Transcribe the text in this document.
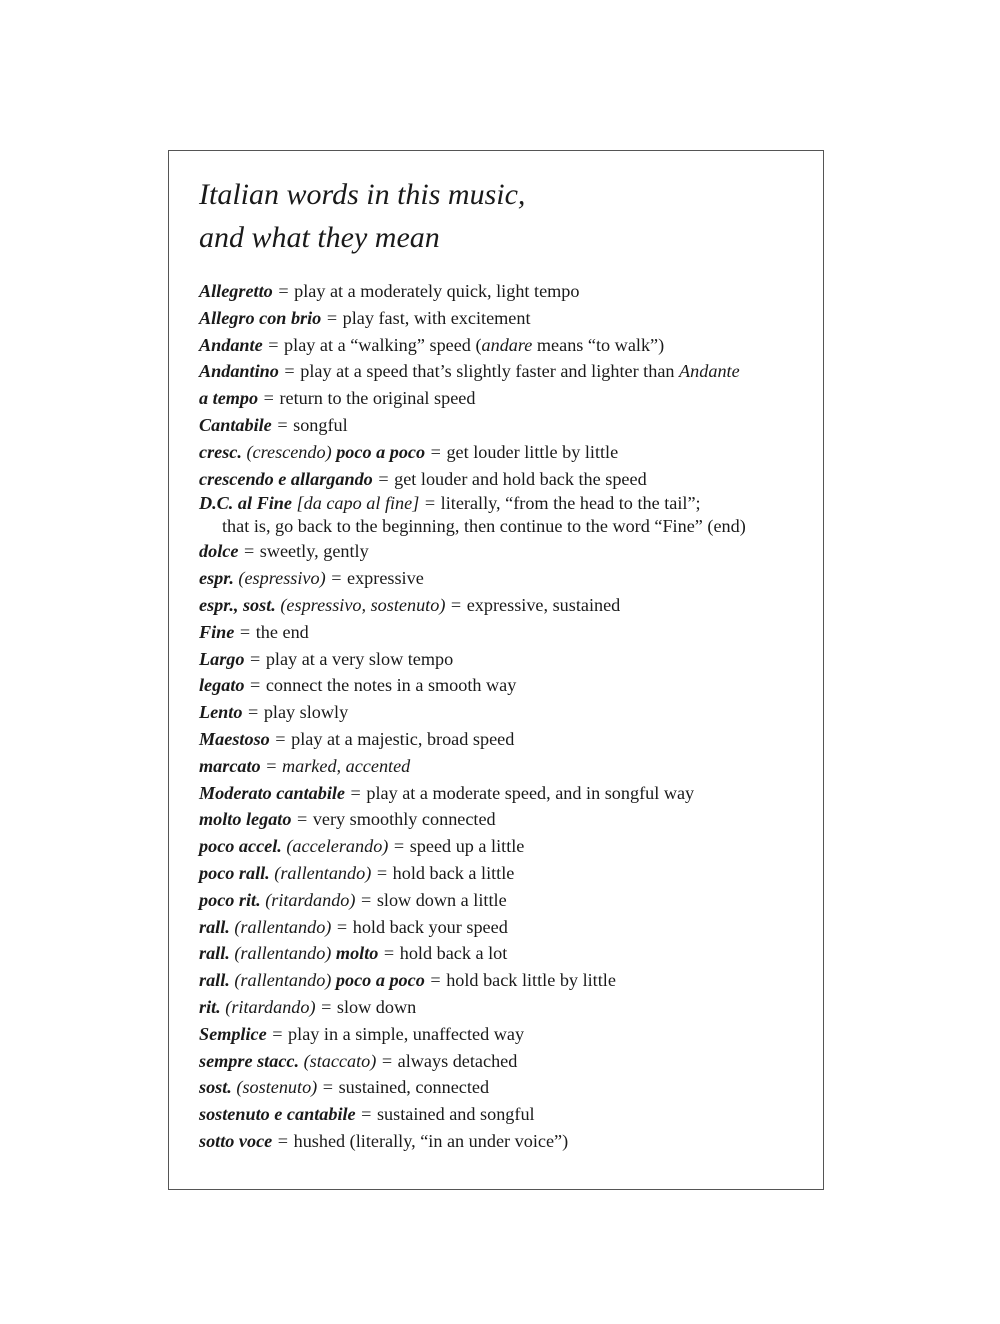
Italian words in this music,
and what they mean
Allegretto = play at a moderately quick, light tempo
Allegro con brio = play fast, with excitement
Andante = play at a “walking” speed (andare means “to walk”)
Andantino = play at a speed that’s slightly faster and lighter than Andante
a tempo = return to the original speed
Cantabile = songful
cresc. (crescendo) poco a poco = get louder little by little
crescendo e allargando = get louder and hold back the speed
D.C. al Fine [da capo al fine] = literally, “from the head to the tail”;
that is, go back to the beginning, then continue to the word “Fine” (end)
dolce = sweetly, gently
espr. (espressivo) = expressive
espr., sost. (espressivo, sostenuto) = expressive, sustained
Fine = the end
Largo = play at a very slow tempo
legato = connect the notes in a smooth way
Lento = play slowly
Maestoso = play at a majestic, broad speed
marcato = marked, accented
Moderato cantabile = play at a moderate speed, and in songful way
molto legato = very smoothly connected
poco accel. (accelerando) = speed up a little
poco rall. (rallentando) = hold back a little
poco rit. (ritardando) = slow down a little
rall. (rallentando) = hold back your speed
rall. (rallentando) molto = hold back a lot
rall. (rallentando) poco a poco = hold back little by little
rit. (ritardando) = slow down
Semplice = play in a simple, unaffected way
sempre stacc. (staccato) = always detached
sost. (sostenuto) = sustained, connected
sostenuto e cantabile = sustained and songful
sotto voce = hushed (literally, “in an under voice”)
